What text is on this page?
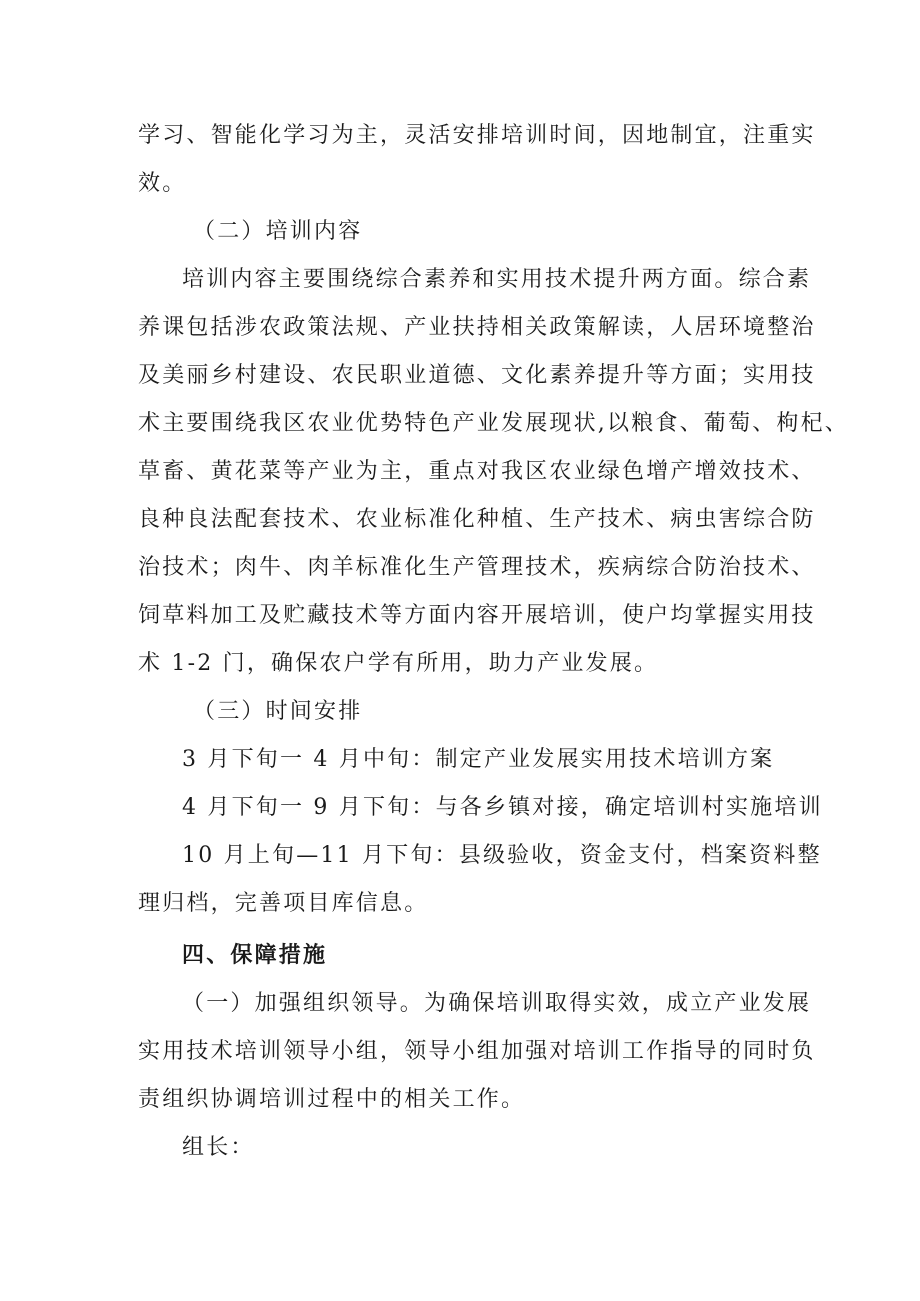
学习、智能化学习为主，灵活安排培训时间，因地制宜，注重实
效。
（二）培训内容
培训内容主要围绕综合素养和实用技术提升两方面。综合素
养课包括涉农政策法规、产业扶持相关政策解读，人居环境整治
及美丽乡村建设、农民职业道德、文化素养提升等方面；实用技
术主要围绕我区农业优势特色产业发展现状,以粮食、葡萄、枸杞、
草畜、黄花菜等产业为主，重点对我区农业绿色增产增效技术、
良种良法配套技术、农业标准化种植、生产技术、病虫害综合防
治技术；肉牛、肉羊标准化生产管理技术，疾病综合防治技术、
饲草料加工及贮藏技术等方面内容开展培训，使户均掌握实用技
术 1-2 门，确保农户学有所用，助力产业发展。
（三）时间安排
3 月下旬一 4 月中旬：制定产业发展实用技术培训方案
4 月下旬一 9 月下旬：与各乡镇对接，确定培训村实施培训
10 月上旬—11 月下旬：县级验收，资金支付，档案资料整
理归档，完善项目库信息。
四、保障措施
（一）加强组织领导。为确保培训取得实效，成立产业发展
实用技术培训领导小组，领导小组加强对培训工作指导的同时负
责组织协调培训过程中的相关工作。
组长：
